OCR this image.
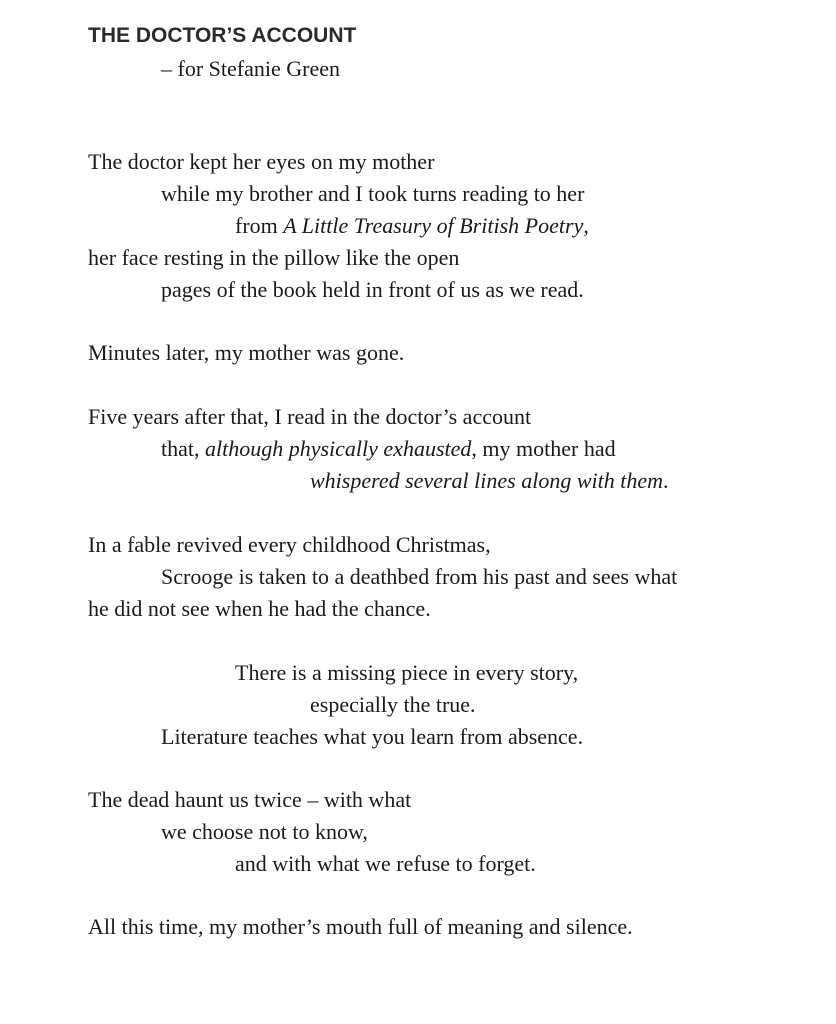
THE DOCTOR’S ACCOUNT
– for Stefanie Green
The doctor kept her eyes on my mother
while my brother and I took turns reading to her
from A Little Treasury of British Poetry,
her face resting in the pillow like the open
pages of the book held in front of us as we read.
Minutes later, my mother was gone.
Five years after that, I read in the doctor’s account
that, although physically exhausted, my mother had
whispered several lines along with them.
In a fable revived every childhood Christmas,
Scrooge is taken to a deathbed from his past and sees what
he did not see when he had the chance.
There is a missing piece in every story,
especially the true.
Literature teaches what you learn from absence.
The dead haunt us twice – with what
we choose not to know,
and with what we refuse to forget.
All this time, my mother’s mouth full of meaning and silence.
